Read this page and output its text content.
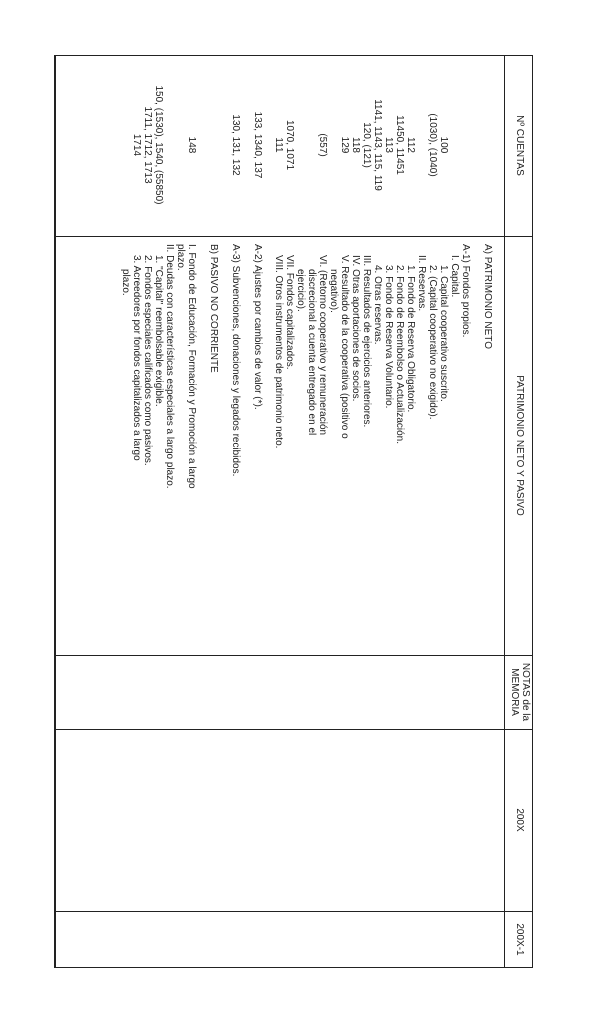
Nº CUENTAS
PATRIMONIO NETO Y PASIVO
NOTAS de la
MEMORIA
200X
200X-1
A) PATRIMONIO NETO
A-1) Fondos propios.
I. Capital.
1. Capital cooperativo suscrito.
2. (Capital cooperativo no exigido).
II. Reservas.
1. Fondo de Reserva Obligatorio.
2. Fondo de Reembolso o Actualización.
3. Fondo de Reserva Voluntario.
4. Otras reservas.
III. Resultados de ejercicios anteriores.
IV. Otras aportaciones de socios.
V. Resultado de la cooperativa (positivo o
negativo).
VI. (Retorno cooperativo y remuneración
discrecional a cuenta entregado en el
ejercicio).
VII. Fondos capitalizados.
VIII. Otros instrumentos de patrimonio neto.
A-2) Ajustes por cambios de valor (*).
A-3) Subvenciones, donaciones y legados recibidos.
B) PASIVO NO CORRIENTE
I. Fondo de Educación, Formación y Promoción a largo
plazo.
II. Deudas con características especiales a largo plazo.
1. "Capital" reembolsable exigible.
2. Fondos especiales calificados como pasivos.
3. Acreedores por fondos capitalizados a largo
plazo.
100
(1030), (1040)
112
11450, 11451
113
1141, 1143, 115, 119
120, (121)
118
129
(557)
1070, 1071
111
133, 1340, 137
130, 131, 132
148
150, (1530), 1540, (55850)
1711, 1712, 1713
1714
